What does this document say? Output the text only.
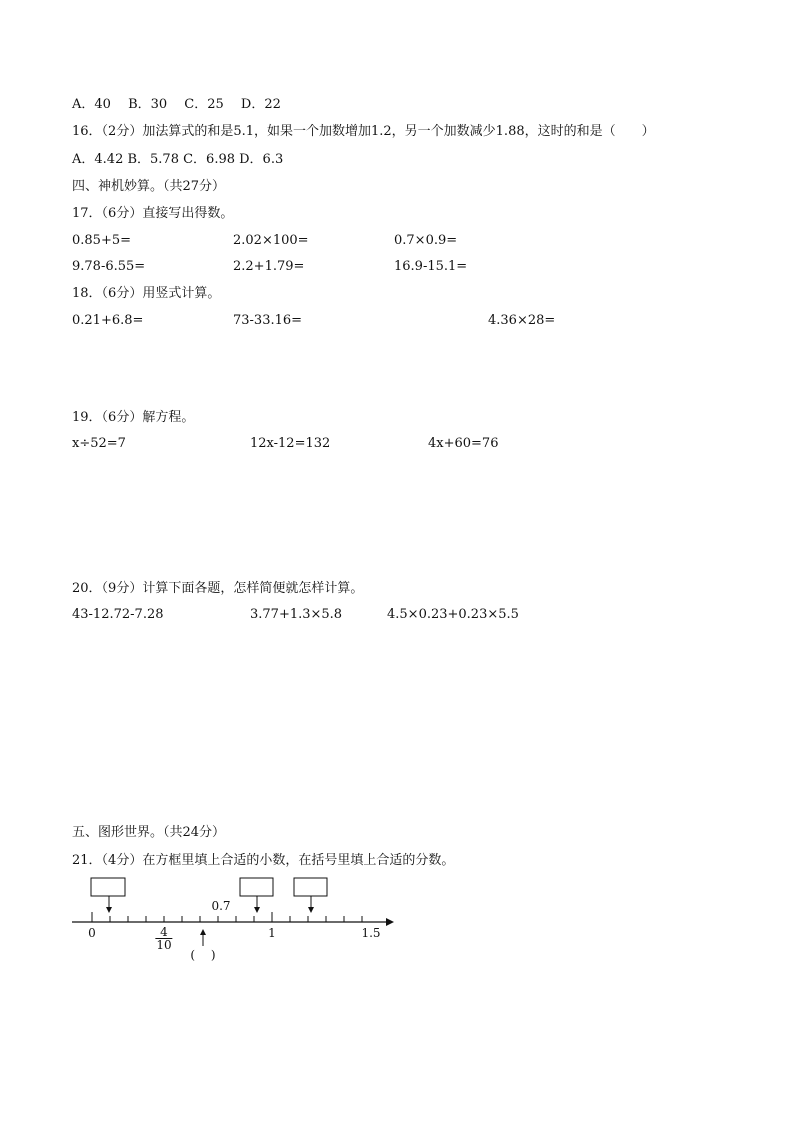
A．40　 B．30　 C．25　 D．22
16．（2分）加法算式的和是5.1，如果一个加数增加1.2，另一个加数减少1.88，这时的和是（　　）
A．4.42 B．5.78 C．6.98 D．6.3
四、神机妙算。（共27分）
17．（6分）直接写出得数。
0.85+5=	2.02×100=	0.7×0.9=
9.78-6.55=	2.2+1.79=	16.9-15.1=
18．（6分）用竖式计算。
0.21+6.8=	73-33.16=	4.36×28=
19．（6分）解方程。
x÷52=7	12x-12=132	4x+60=76
20．（9分）计算下面各题，怎样简便就怎样计算。
43-12.72-7.28	3.77+1.3×5.8	4.5×0.23+0.23×5.5
五、图形世界。（共24分）
21．（4分）在方框里填上合适的小数，在括号里填上合适的分数。
0	1	1.5
0.7
$\frac{4}{10}$
(　 )
